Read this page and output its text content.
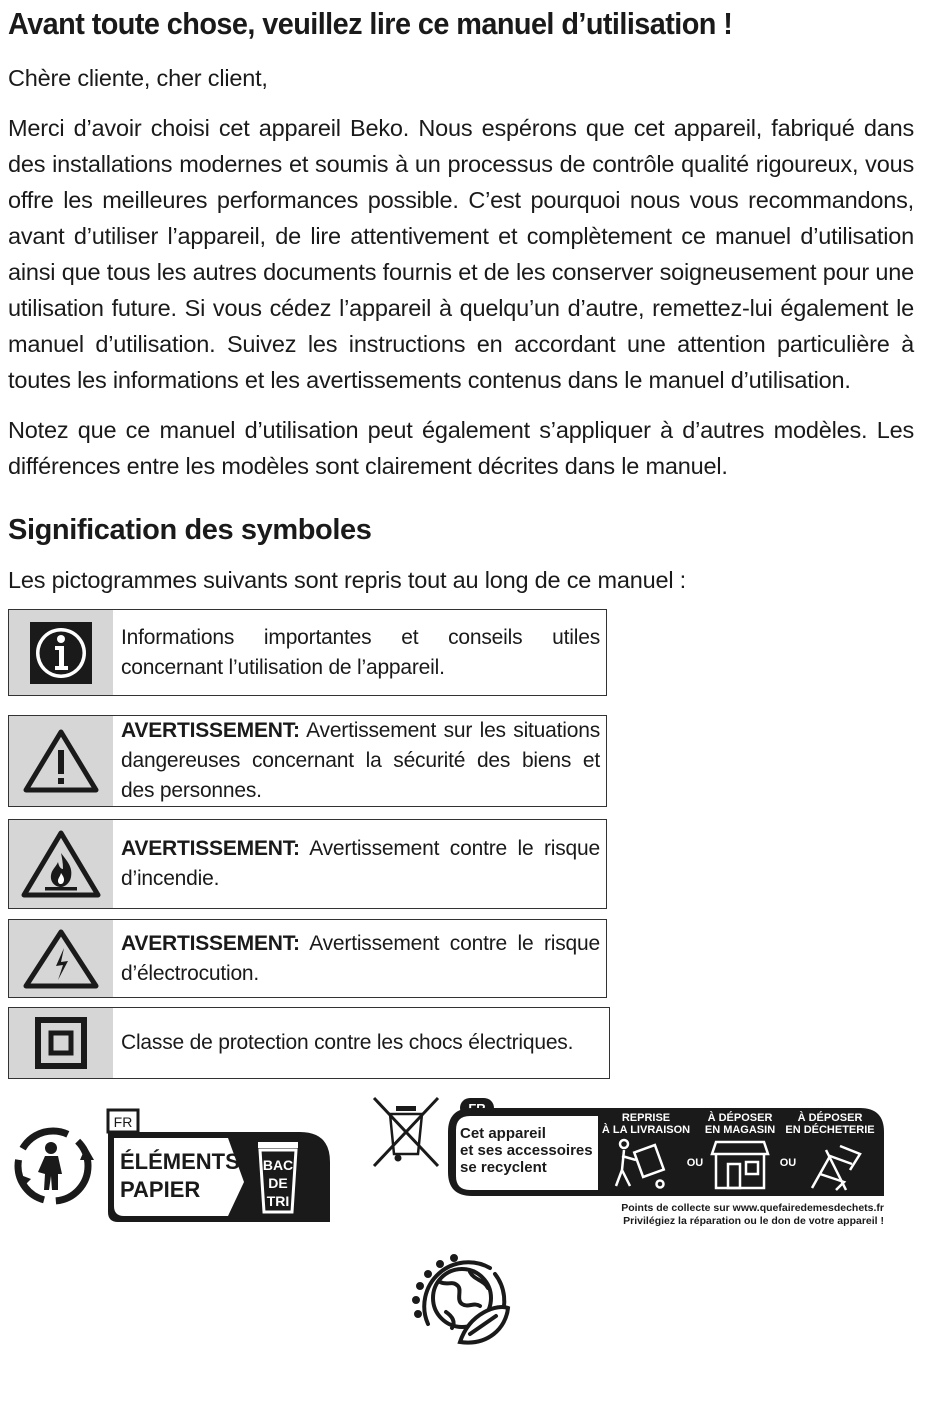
Avant toute chose, veuillez lire ce manuel d’utilisation !

Chère cliente, cher client,

Merci d’avoir choisi cet appareil Beko. Nous espérons que cet appareil, fabriqué dans des installations modernes et soumis à un processus de contrôle qualité rigoureux, vous offre les meilleures performances possible. C’est pourquoi nous vous recommandons, avant d’utiliser l’appareil, de lire attentivement et complètement ce manuel d’utilisation ainsi que tous les autres documents fournis et de les conserver soigneusement pour une utilisation future. Si vous cédez l’appareil à quelqu’un d’autre, remettez-lui également le manuel d’utilisation. Suivez les instructions en accordant une attention particulière à toutes les informations et les avertissements contenus dans le manuel d’utilisation.

Notez que ce manuel d’utilisation peut également s’appliquer à d’autres modèles. Les différences entre les modèles sont clairement décrites dans le manuel.

Signification des symboles

Les pictogrammes suivants sont repris tout au long de ce manuel :

Informations importantes et conseils utiles concernant l’utilisation de l’appareil.
AVERTISSEMENT: Avertissement sur les situations dangereuses concernant la sécurité des biens et des personnes.
AVERTISSEMENT: Avertissement contre le risque d’incendie.
AVERTISSEMENT: Avertissement contre le risque d’électrocution.
Classe de protection contre les chocs électriques.
FR
ÉLÉMENTS
PAPIER
BAC
DE
TRI
Cet appareil
et ses accessoires
se recyclent
REPRISE
À LA LIVRAISON
À DÉPOSER
EN MAGASIN
À DÉPOSER
EN DÉCHETERIE
OU	OU
Points de collecte sur www.quefairedemesdechets.fr
Privilégiez la réparation ou le don de votre appareil !
